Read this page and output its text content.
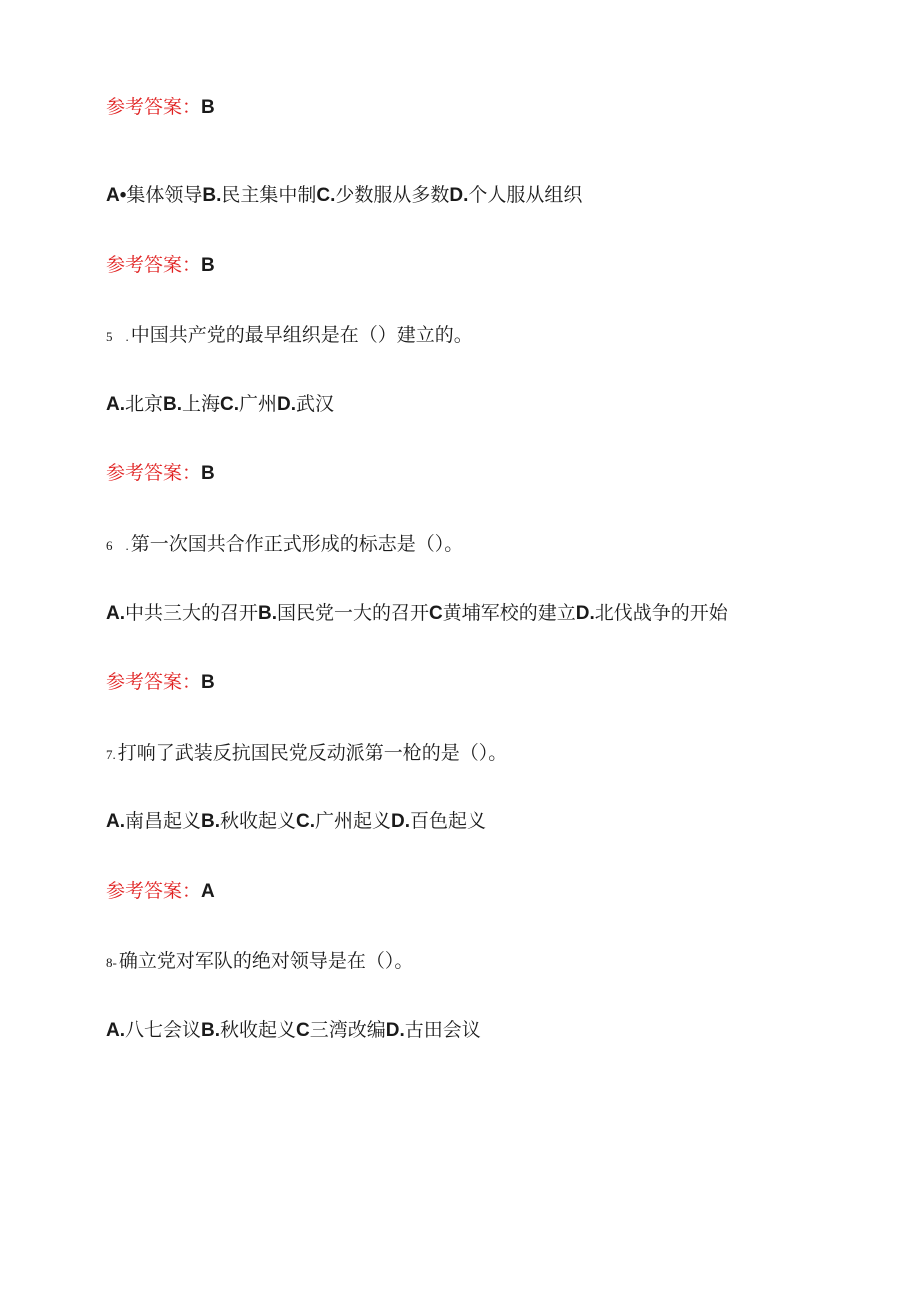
参考答案：B
A•集体领导B.民主集中制C.少数服从多数D.个人服从组织
参考答案：B
5　. 中国共产党的最早组织是在（）建立的。
A.北京B.上海C.广州D.武汉
参考答案：B
6　. 第一次国共合作正式形成的标志是（）。
A.中共三大的召开B.国民党一大的召开C黄埔军校的建立D.北伐战争的开始
参考答案：B
7. 打响了武装反抗国民党反动派第一枪的是（）。
A.南昌起义B.秋收起义C.广州起义D.百色起义
参考答案：A
8- 确立党对军队的绝对领导是在（）。
A.八七会议B.秋收起义C三湾改编D.古田会议
